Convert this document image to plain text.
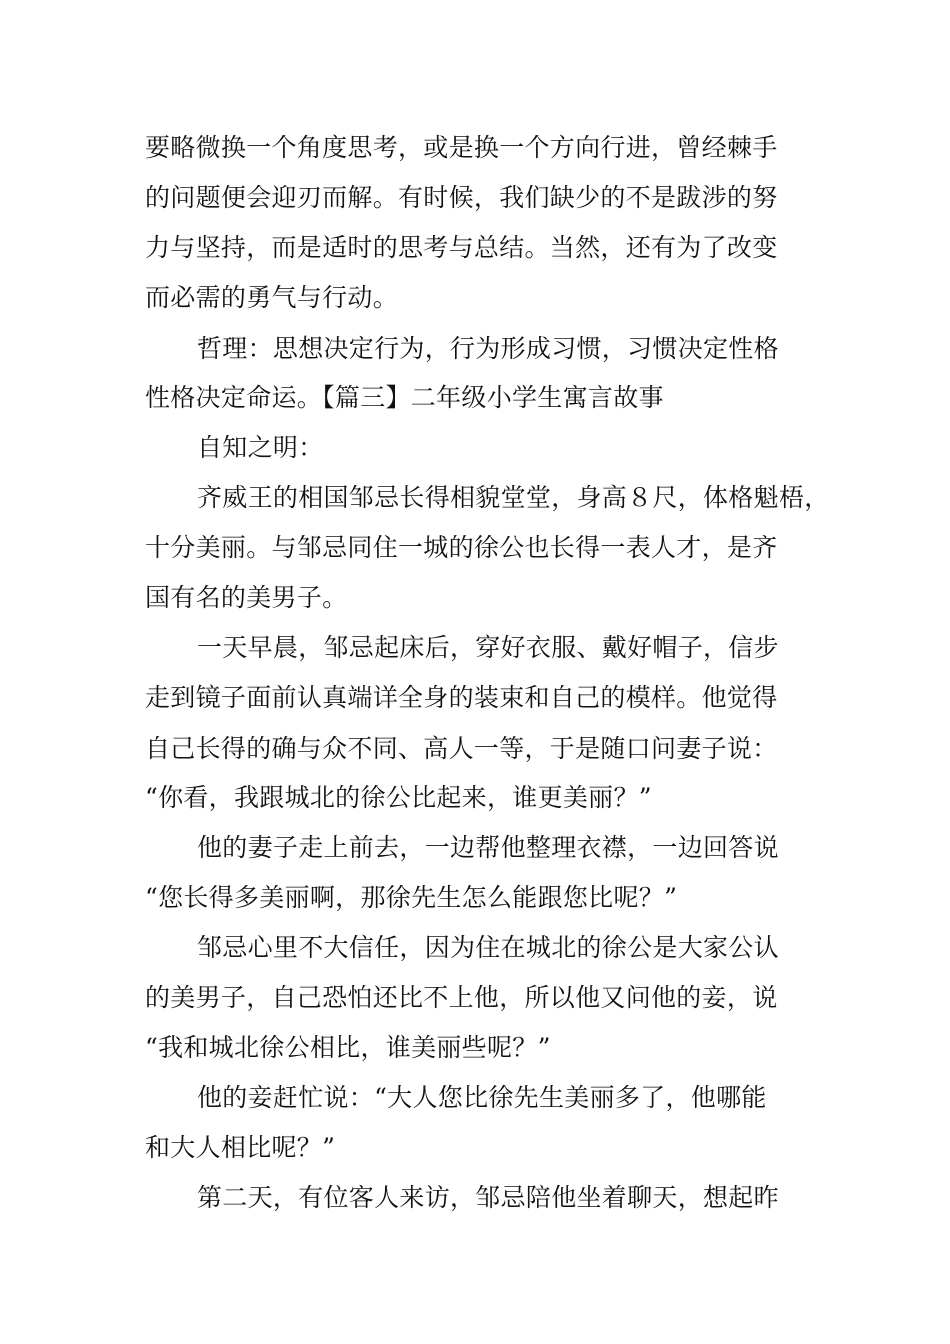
要略微换一个角度思考，或是换一个方向行进，曾经棘手
的问题便会迎刃而解。有时候，我们缺少的不是跋涉的努
力与坚持，而是适时的思考与总结。当然，还有为了改变
而必需的勇气与行动。
哲理：思想决定行为，行为形成习惯，习惯决定性格
性格决定命运。【篇三】二年级小学生寓言故事
自知之明：
齐威王的相国邹忌长得相貌堂堂，身高８尺，体格魁梧，
十分美丽。与邹忌同住一城的徐公也长得一表人才，是齐
国有名的美男子。
一天早晨，邹忌起床后，穿好衣服、戴好帽子，信步
走到镜子面前认真端详全身的装束和自己的模样。他觉得
自己长得的确与众不同、高人一等，于是随口问妻子说：
“你看，我跟城北的徐公比起来，谁更美丽？”
他的妻子走上前去，一边帮他整理衣襟，一边回答说
“您长得多美丽啊，那徐先生怎么能跟您比呢？”
邹忌心里不大信任，因为住在城北的徐公是大家公认
的美男子，自己恐怕还比不上他，所以他又问他的妾，说
“我和城北徐公相比，谁美丽些呢？”
他的妾赶忙说：“大人您比徐先生美丽多了，他哪能
和大人相比呢？”
第二天，有位客人来访，邹忌陪他坐着聊天，想起昨
